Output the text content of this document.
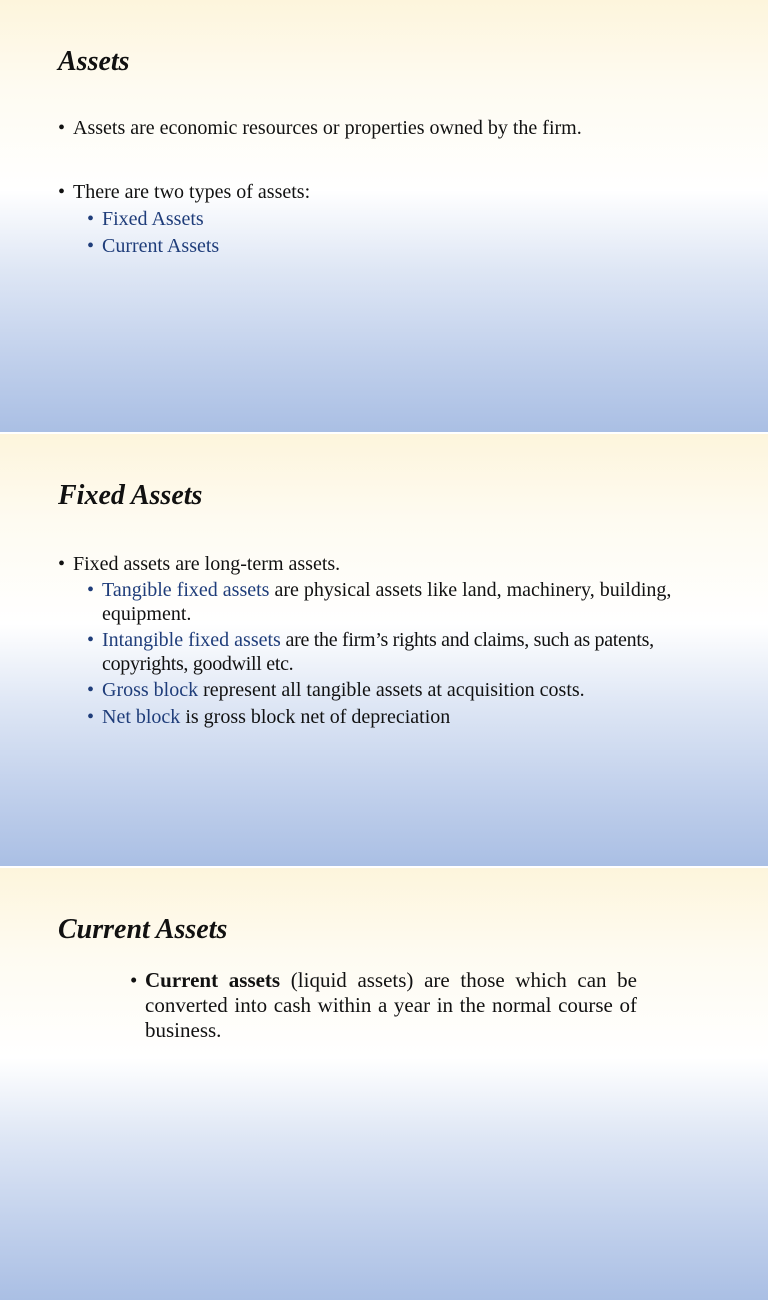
Assets

• Assets are economic resources or properties owned by the firm.

• There are two types of assets:

• Fixed Assets

• Current Assets

Fixed Assets

• Fixed assets are long-term assets.

• Tangible fixed assets are physical assets like land, machinery, building, equipment.

• Intangible fixed assets are the firm’s rights and claims, such as patents, copyrights, goodwill etc.

• Gross block represent all tangible assets at acquisition costs.

• Net block is gross block net of depreciation

Current Assets

• Current assets (liquid assets) are those which can be converted into cash within a year in the normal course of business.
